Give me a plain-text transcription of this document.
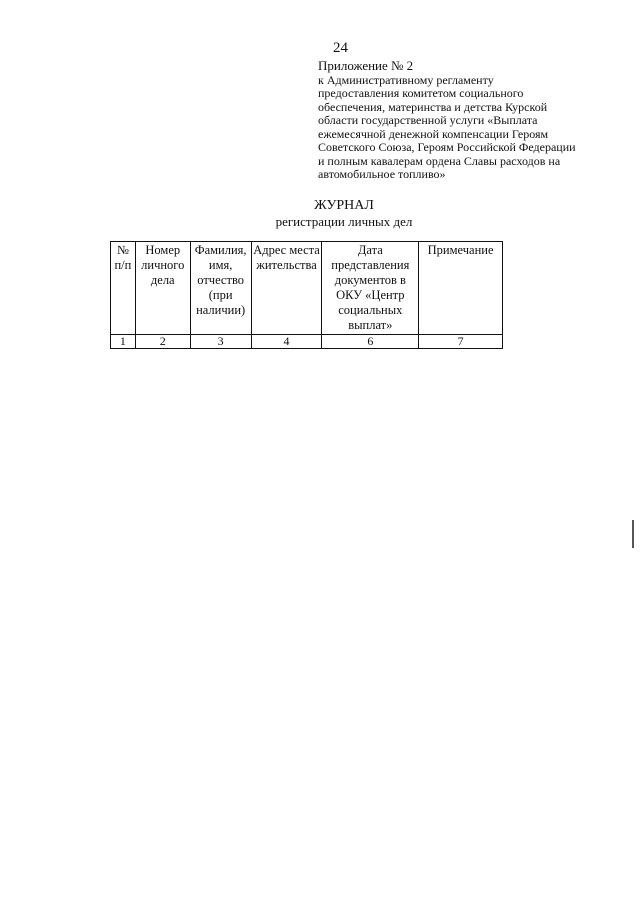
24
Приложение № 2
к Административному регламенту
предоставления комитетом социального
обеспечения, материнства и детства Курской
области государственной услуги «Выплата
ежемесячной денежной компенсации Героям
Советского Союза, Героям Российской Федерации
и полным кавалерам ордена Славы расходов на
автомобильное топливо»
ЖУРНАЛ
регистрации личных дел
№ п/п	Номер личного дела	Фамилия, имя, отчество (при наличии)	Адрес места жительства	Дата представления документов в ОКУ «Центр социальных выплат»	Примечание
1	2	3	4	6	7
